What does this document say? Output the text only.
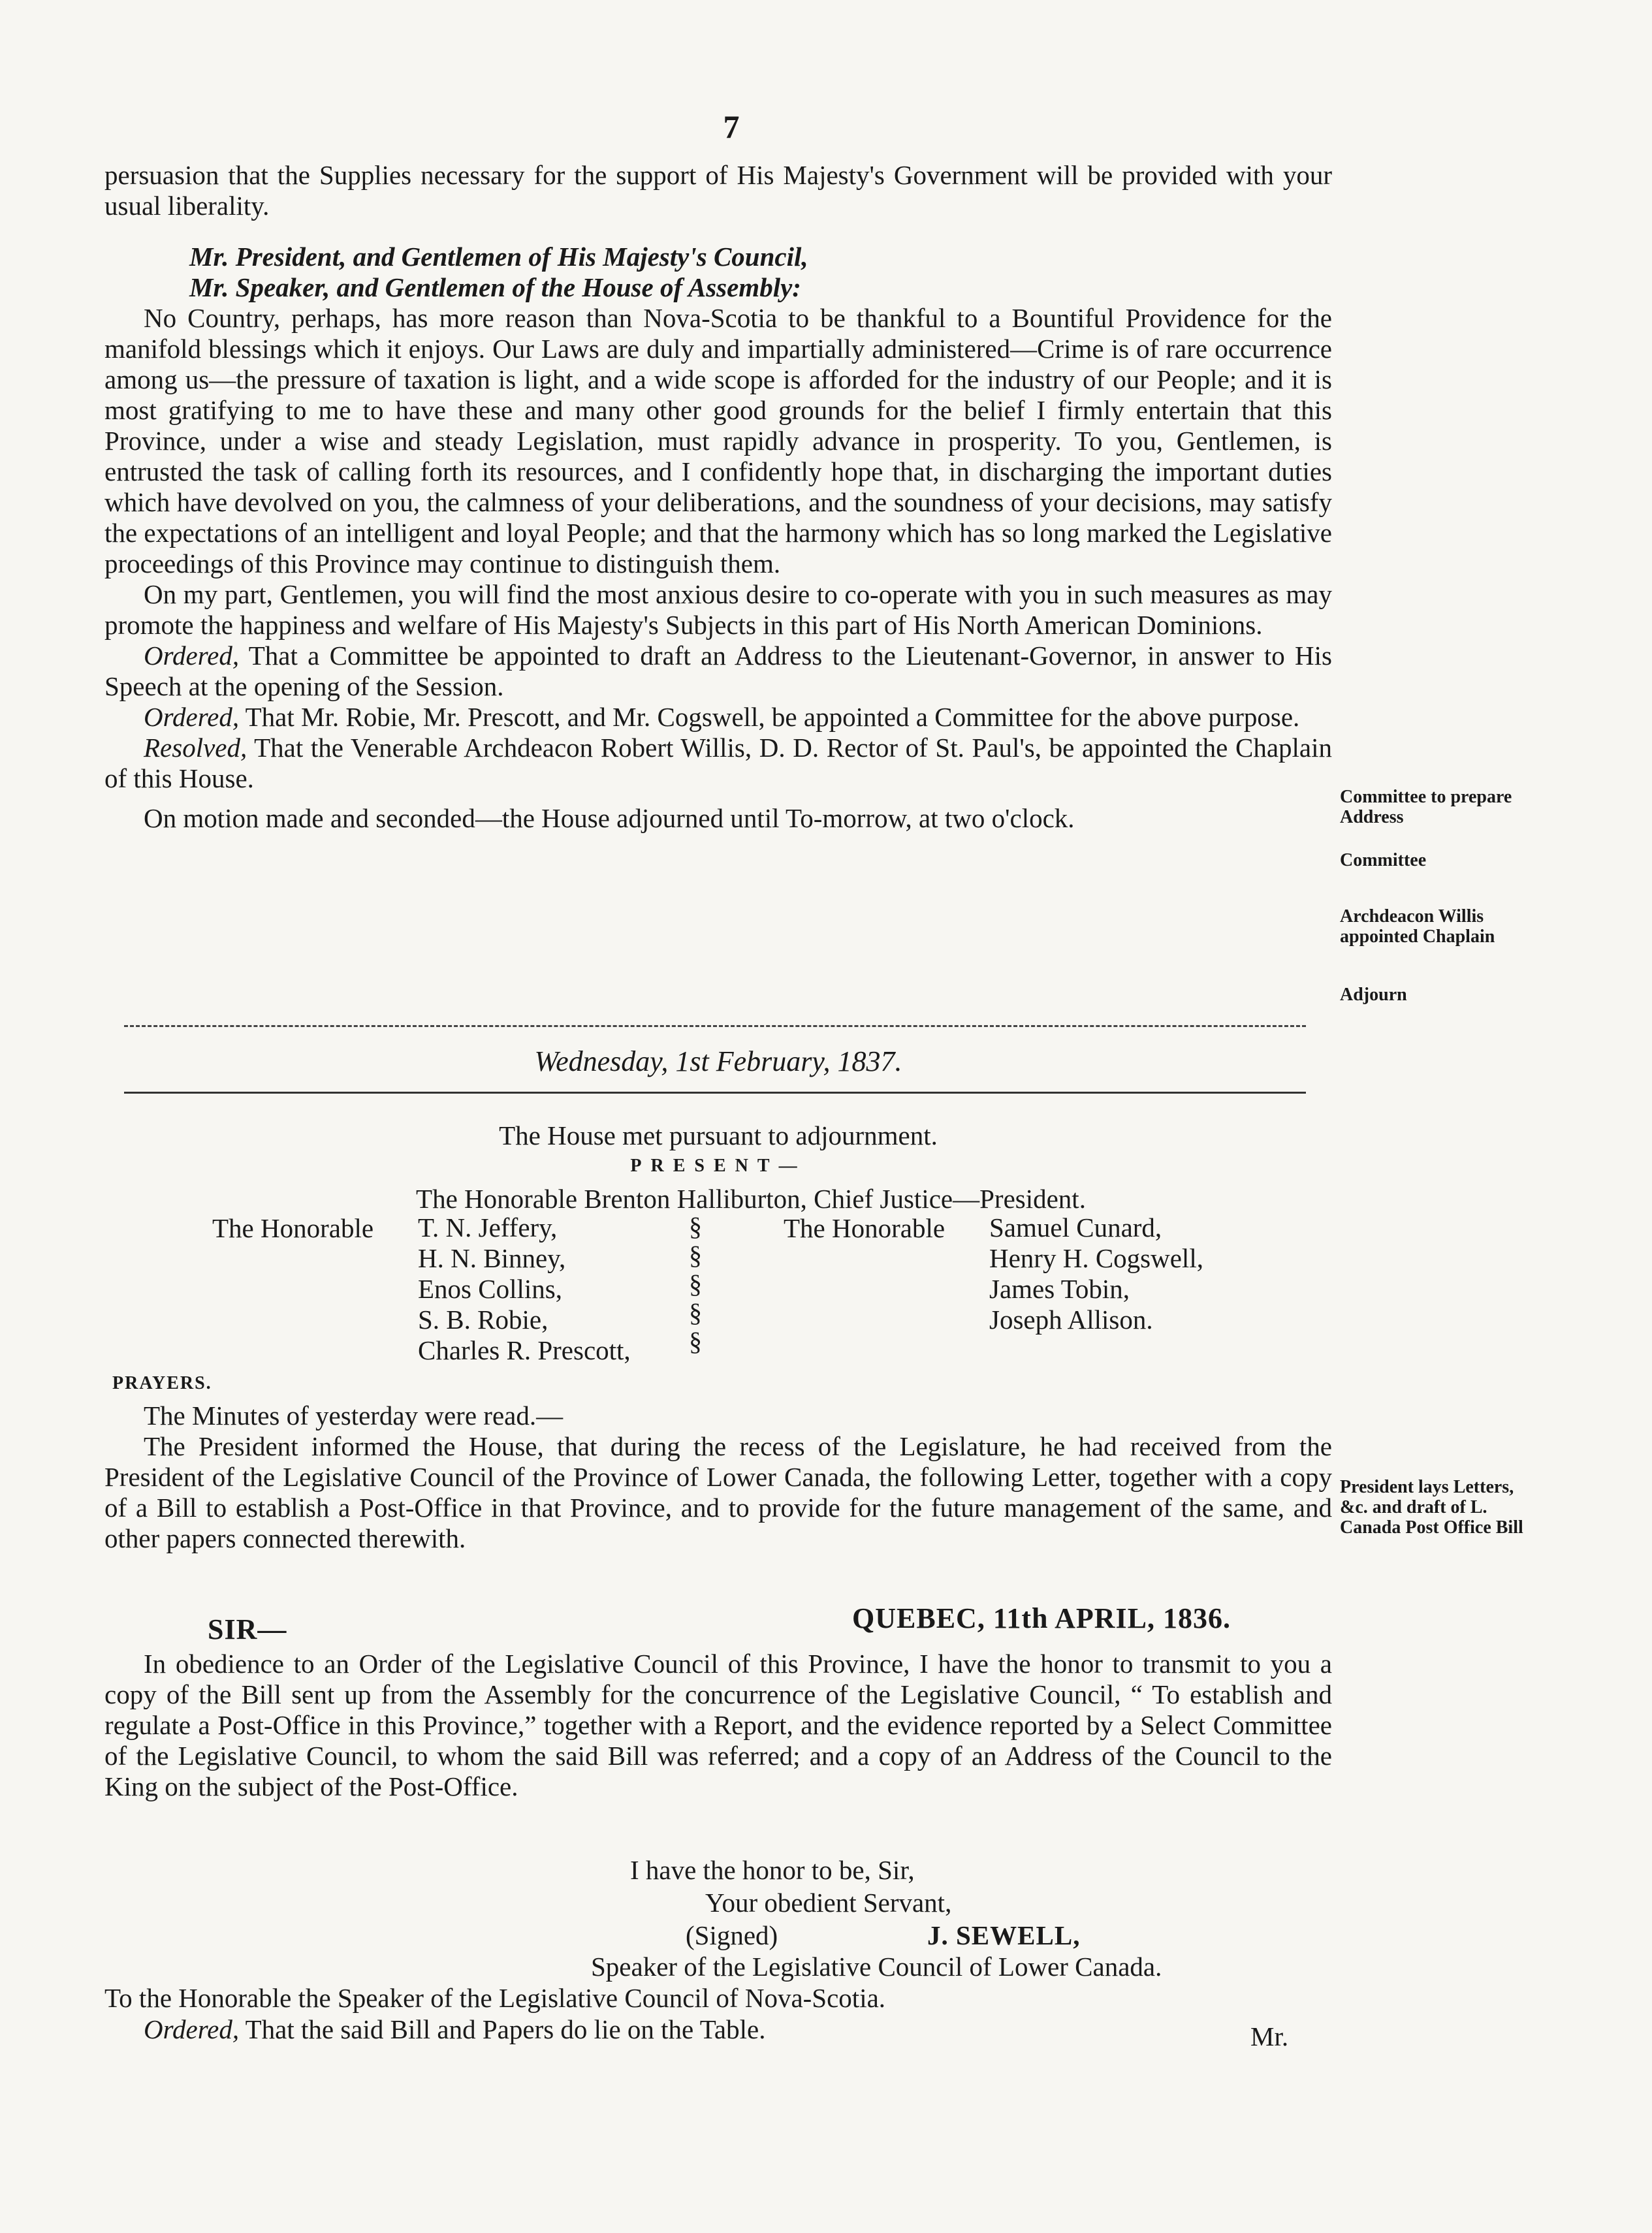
7

persuasion that the Supplies necessary for the support of His Majesty's Government will be provided with your usual liberality.

Mr. President, and Gentlemen of His Majesty's Council,

Mr. Speaker, and Gentlemen of the House of Assembly:

No Country, perhaps, has more reason than Nova-Scotia to be thankful to a Bountiful Providence for the manifold blessings which it enjoys. Our Laws are duly and impartially administered—Crime is of rare occurrence among us—the pressure of taxation is light, and a wide scope is afforded for the industry of our People; and it is most gratifying to me to have these and many other good grounds for the belief I firmly entertain that this Province, under a wise and steady Legislation, must rapidly advance in prosperity. To you, Gentlemen, is entrusted the task of calling forth its resources, and I confidently hope that, in discharging the important duties which have devolved on you, the calmness of your deliberations, and the soundness of your decisions, may satisfy the expectations of an intelligent and loyal People; and that the harmony which has so long marked the Legislative proceedings of this Province may continue to distinguish them.

On my part, Gentlemen, you will find the most anxious desire to co-operate with you in such measures as may promote the happiness and welfare of His Majesty's Subjects in this part of His North American Dominions.

Ordered, That a Committee be appointed to draft an Address to the Lieutenant-Governor, in answer to His Speech at the opening of the Session.

Ordered, That Mr. Robie, Mr. Prescott, and Mr. Cogswell, be appointed a Committee for the above purpose.

Resolved, That the Venerable Archdeacon Robert Willis, D. D. Rector of St. Paul's, be appointed the Chaplain of this House.

On motion made and seconded—the House adjourned until To-morrow, at two o'clock.

Committee to prepare Address

Committee

Archdeacon Willis appointed Chaplain

Adjourn

Wednesday, 1st February, 1837.
The House met pursuant to adjournment.
PRESENT—
The Honorable Brenton Halliburton, Chief Justice—President.
The Honorable T. N. Jeffery,
H. N. Binney,
Enos Collins,
S. B. Robie,
Charles R. Prescott,
§
§
§
§
§
The Honorable Samuel Cunard,
Henry H. Cogswell,
James Tobin,
Joseph Allison.
PRAYERS.

The Minutes of yesterday were read.—

The President informed the House, that during the recess of the Legislature, he had received from the President of the Legislative Council of the Province of Lower Canada, the following Letter, together with a copy of a Bill to establish a Post-Office in that Province, and to provide for the future management of the same, and other papers connected therewith.

President lays Letters, &c. and draft of L. Canada Post Office Bill

QUEBEC, 11th APRIL, 1836.
SIR—

In obedience to an Order of the Legislative Council of this Province, I have the honor to transmit to you a copy of the Bill sent up from the Assembly for the concurrence of the Legislative Council, “ To establish and regulate a Post-Office in this Province,” together with a Report, and the evidence reported by a Select Committee of the Legislative Council, to whom the said Bill was referred; and a copy of an Address of the Council to the King on the subject of the Post-Office.

I have the honor to be, Sir,
Your obedient Servant,
(Signed)	J. SEWELL,
Speaker of the Legislative Council of Lower Canada.
To the Honorable the Speaker of the Legislative Council of Nova-Scotia.
Ordered, That the said Bill and Papers do lie on the Table.	Mr.
